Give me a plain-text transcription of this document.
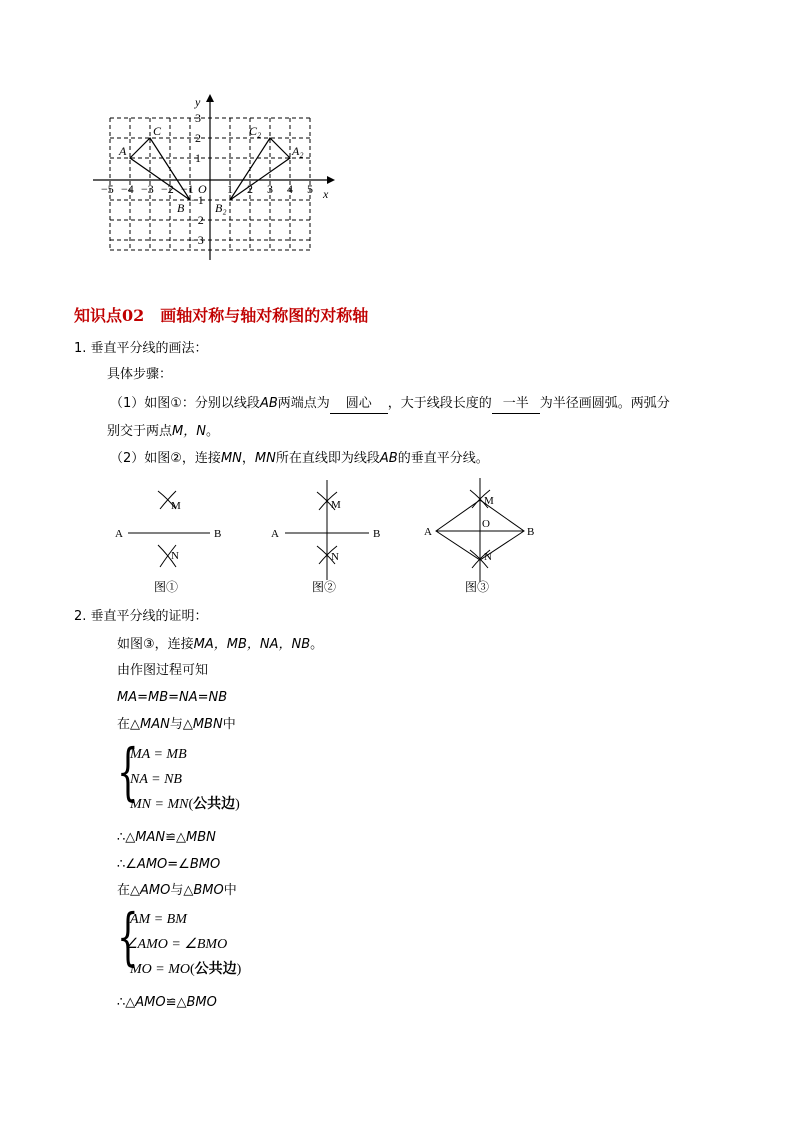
y
x
O
−5 −4 −3 −2 −1	1 2 3 4 5
3
2
1
−1
−2
−3
A
C
B
A₂
C₂
B₂
知识点02　画轴对称与轴对称图的对称轴
1. 垂直平分线的画法：
具体步骤：
（1）如图①：分别以线段AB两端点为 圆心 ，大于线段长度的 一半 为半径画圆弧。两弧分
别交于两点M，N。
（2）如图②，连接MN，MN所在直线即为线段AB的垂直平分线。
A	B
M
N
图①
A	B
M
N
图②
A	B
M
O
N
图③
2. 垂直平分线的证明：
如图③，连接MA，MB，NA，NB。
由作图过程可知
MA=MB=NA=NB
在△MAN与△MBN中
{
MA = MB
NA = NB
MN = MN(公共边)
∴△MAN≌△MBN
∴∠AMO=∠BMO
在△AMO与△BMO中
{
AM = BM
∠AMO = ∠BMO
MO = MO(公共边)
∴△AMO≌△BMO
